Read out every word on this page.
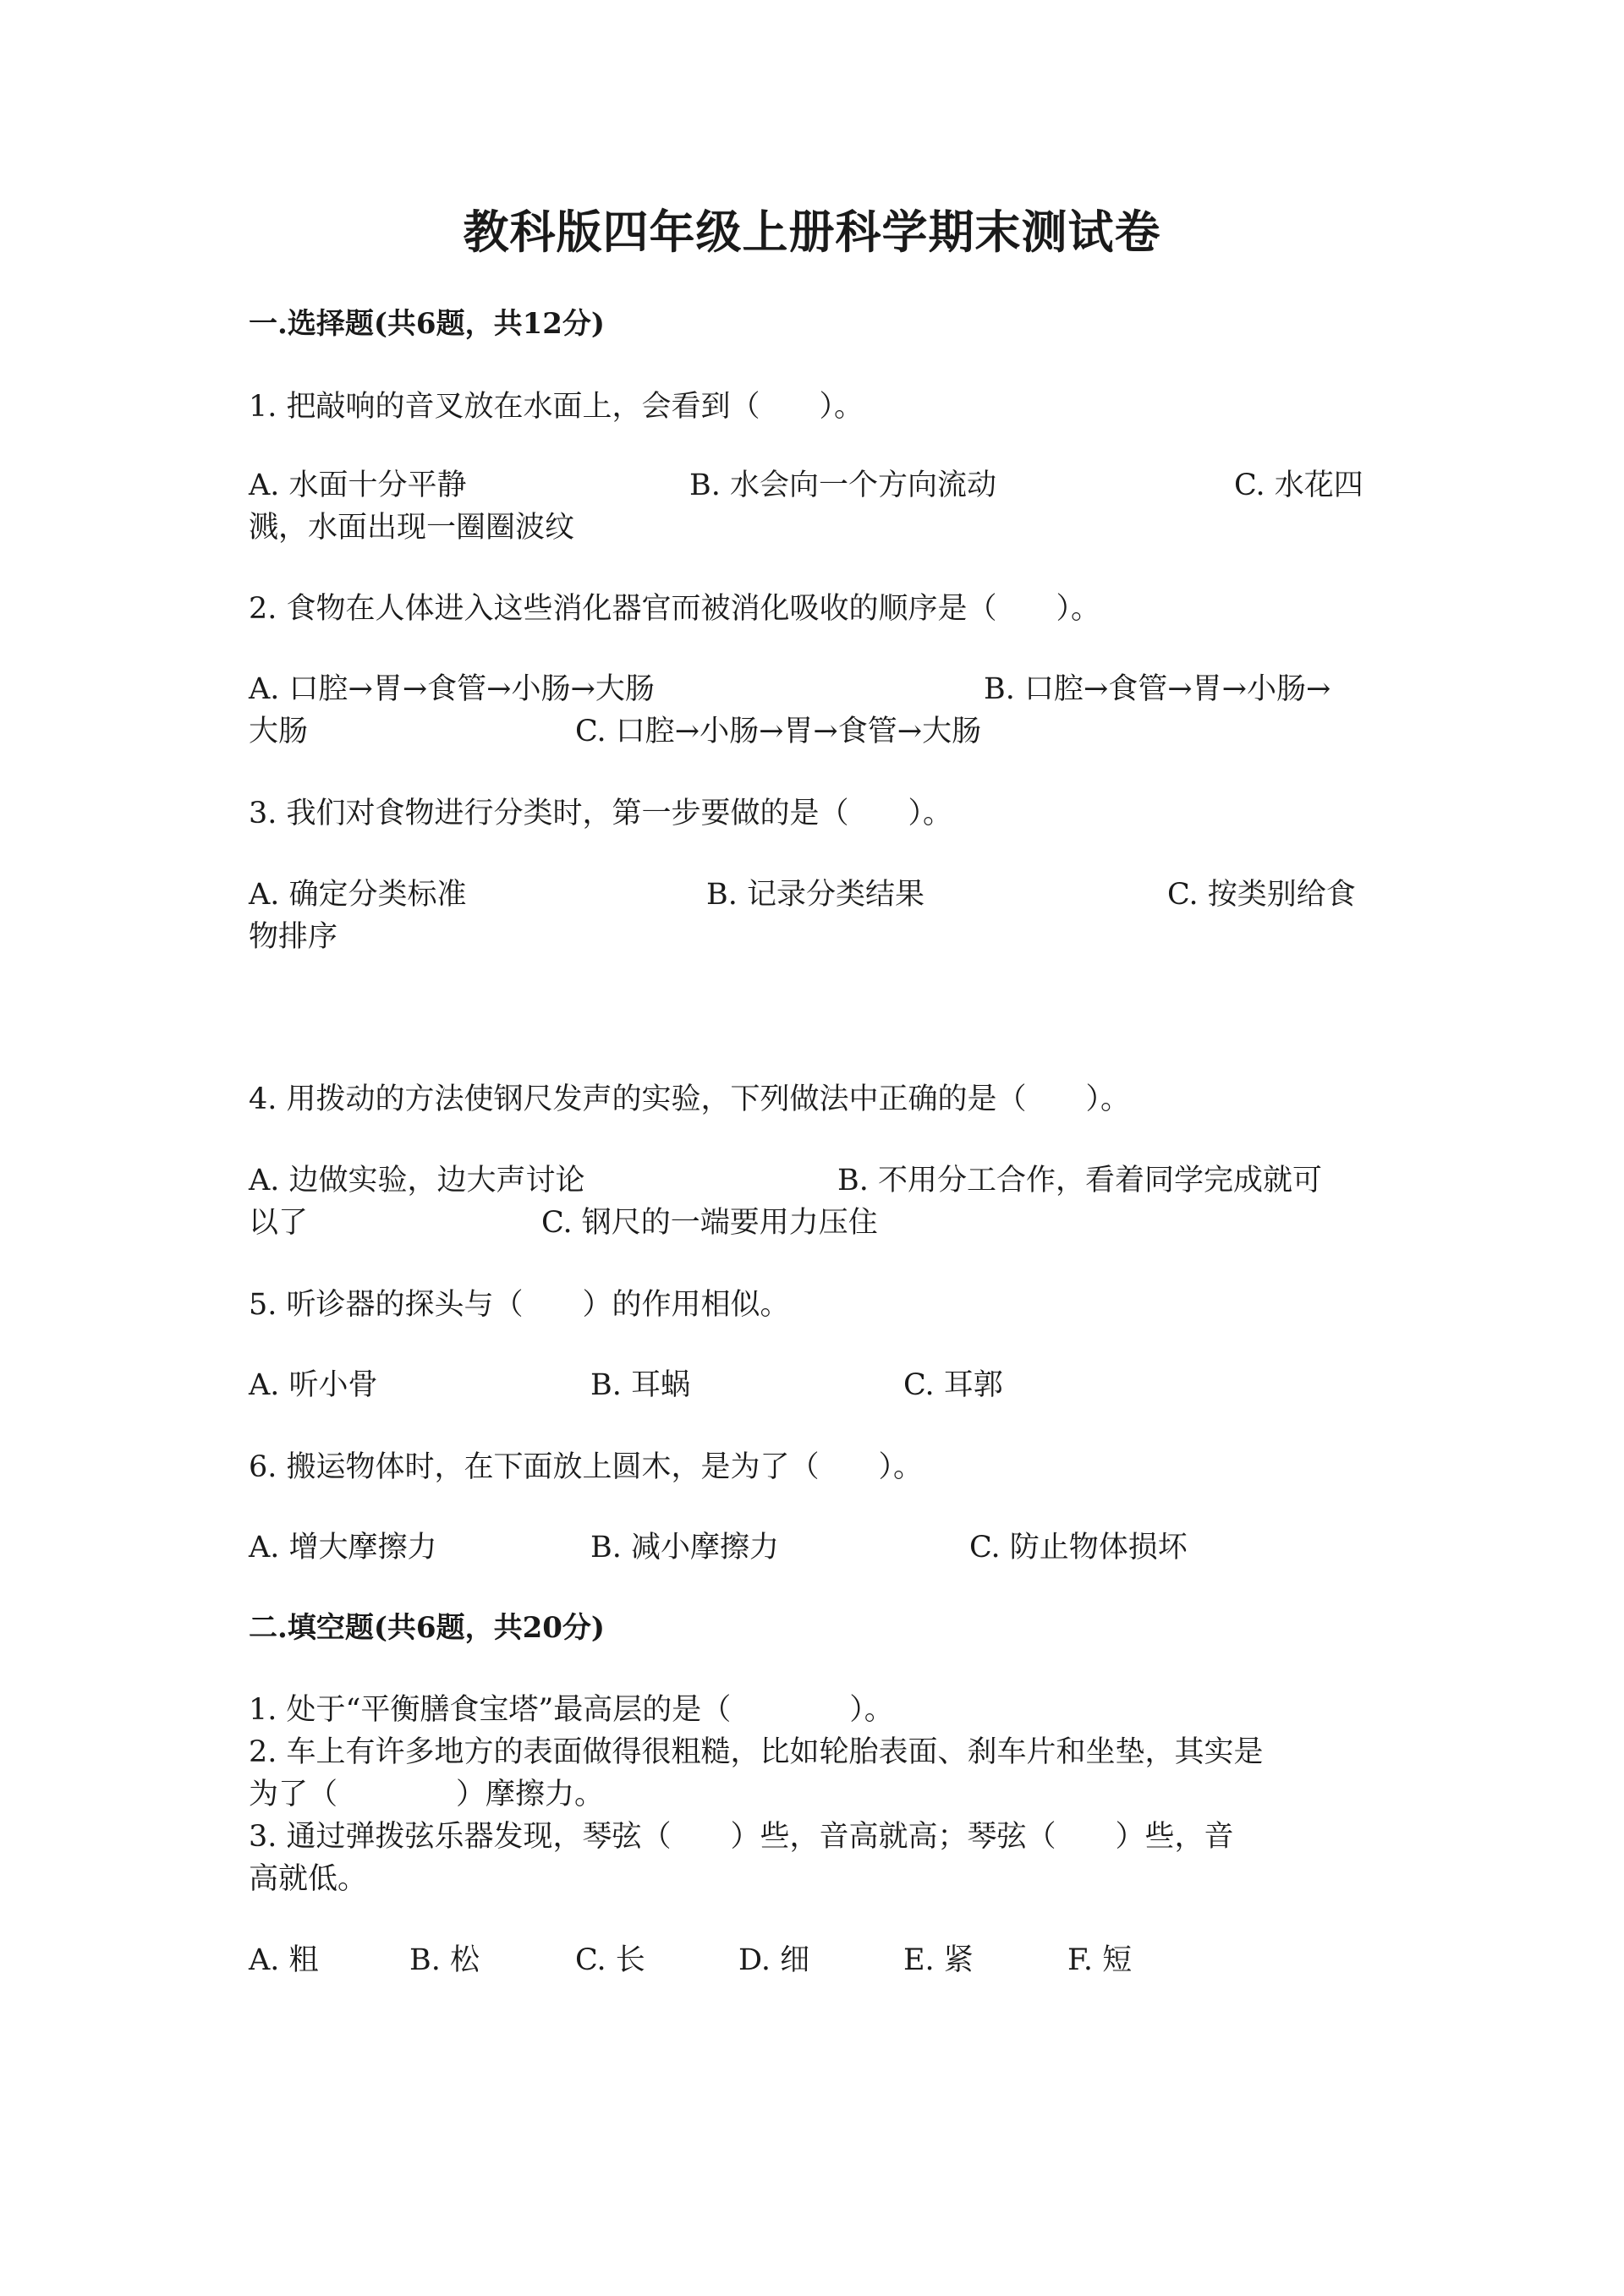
教科版四年级上册科学期末测试卷
一.选择题(共6题，共12分)
1. 把敲响的音叉放在水面上，会看到（　　）。
A. 水面十分平静	B. 水会向一个方向流动	C. 水花四
溅，水面出现一圈圈波纹
2. 食物在人体进入这些消化器官而被消化吸收的顺序是（　　）。
A. 口腔→胃→食管→小肠→大肠	B. 口腔→食管→胃→小肠→
大肠	C. 口腔→小肠→胃→食管→大肠
3. 我们对食物进行分类时，第一步要做的是（　　）。
A. 确定分类标准	B. 记录分类结果	C. 按类别给食
物排序
4. 用拨动的方法使钢尺发声的实验，下列做法中正确的是（　　）。
A. 边做实验，边大声讨论	B. 不用分工合作，看着同学完成就可
以了	C. 钢尺的一端要用力压住
5. 听诊器的探头与（　　）的作用相似。
A. 听小骨	B. 耳蜗	C. 耳郭
6. 搬运物体时，在下面放上圆木，是为了（　　）。
A. 增大摩擦力	B. 减小摩擦力	C. 防止物体损坏
二.填空题(共6题，共20分)
1. 处于“平衡膳食宝塔”最高层的是（　　　　）。
2. 车上有许多地方的表面做得很粗糙，比如轮胎表面、刹车片和坐垫，其实是
为了（　　　　）摩擦力。
3. 通过弹拨弦乐器发现，琴弦（　　）些，音高就高；琴弦（　　）些，音
高就低。
A. 粗	B. 松	C. 长	D. 细	E. 紧	F. 短
